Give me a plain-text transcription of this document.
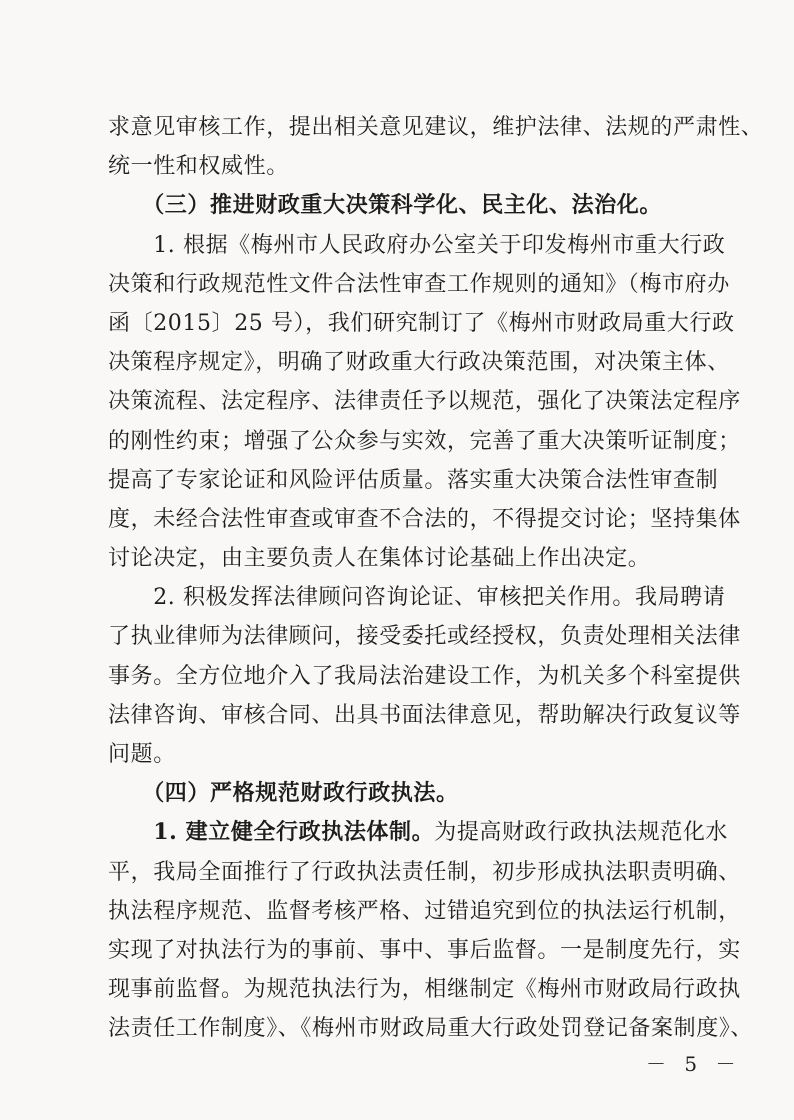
求意见审核工作，提出相关意见建议，维护法律、法规的严肃性、
统一性和权威性。
　　（三）推进财政重大决策科学化、民主化、法治化。
　　1. 根据《梅州市人民政府办公室关于印发梅州市重大行政
决策和行政规范性文件合法性审查工作规则的通知》（梅市府办
函〔2015〕25 号），我们研究制订了《梅州市财政局重大行政
决策程序规定》，明确了财政重大行政决策范围，对决策主体、
决策流程、法定程序、法律责任予以规范，强化了决策法定程序
的刚性约束；增强了公众参与实效，完善了重大决策听证制度；
提高了专家论证和风险评估质量。落实重大决策合法性审查制
度，未经合法性审查或审查不合法的，不得提交讨论；坚持集体
讨论决定，由主要负责人在集体讨论基础上作出决定。
　　2. 积极发挥法律顾问咨询论证、审核把关作用。我局聘请
了执业律师为法律顾问，接受委托或经授权，负责处理相关法律
事务。全方位地介入了我局法治建设工作，为机关多个科室提供
法律咨询、审核合同、出具书面法律意见，帮助解决行政复议等
问题。
　　（四）严格规范财政行政执法。
　　1. 建立健全行政执法体制。为提高财政行政执法规范化水
平，我局全面推行了行政执法责任制，初步形成执法职责明确、
执法程序规范、监督考核严格、过错追究到位的执法运行机制，
实现了对执法行为的事前、事中、事后监督。一是制度先行，实
现事前监督。为规范执法行为，相继制定《梅州市财政局行政执
法责任工作制度》、《梅州市财政局重大行政处罚登记备案制度》、
－ 5 －
